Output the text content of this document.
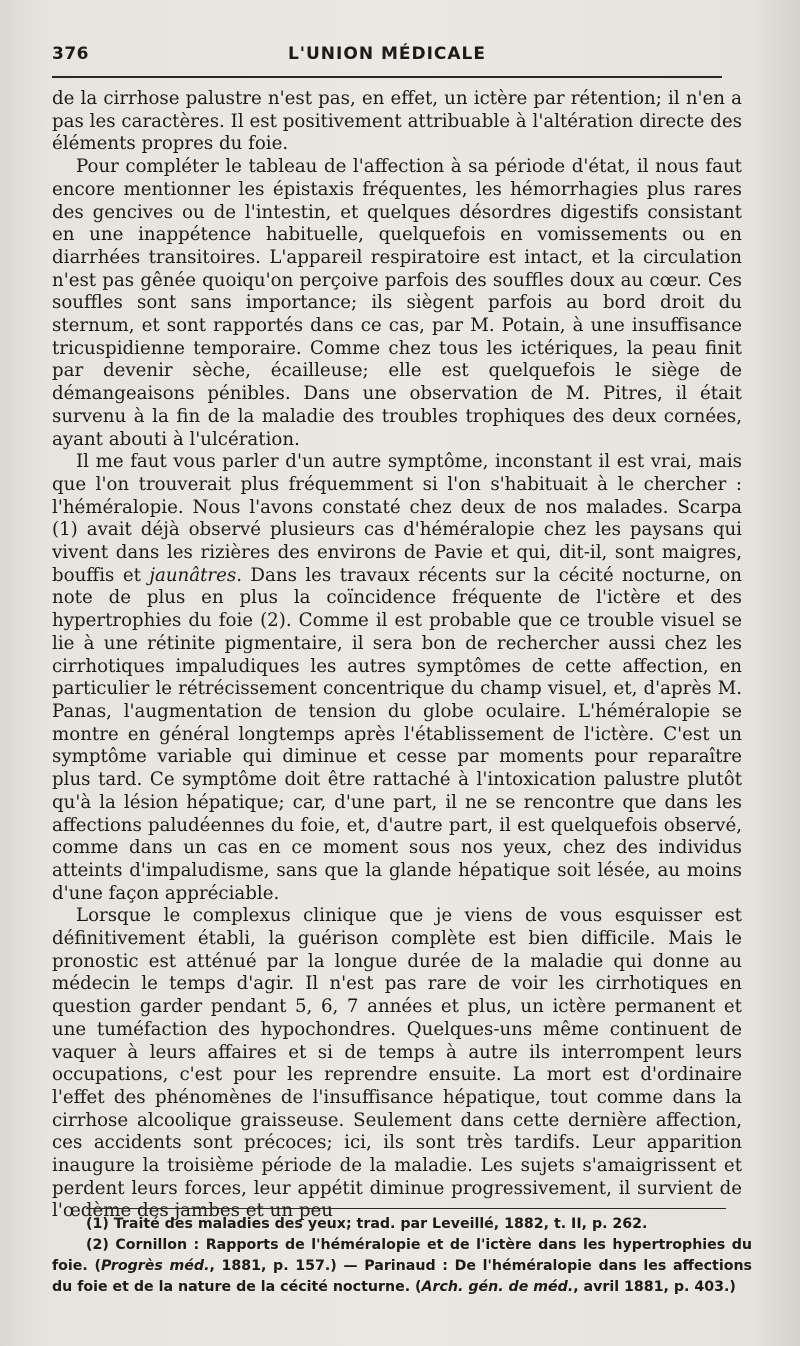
376	L'UNION MÉDICALE

de la cirrhose palustre n'est pas, en effet, un ictère par rétention; il n'en a pas les caractères. Il est positivement attribuable à l'altération directe des éléments propres du foie.

Pour compléter le tableau de l'affection à sa période d'état, il nous faut encore mentionner les épistaxis fréquentes, les hémorrhagies plus rares des gencives ou de l'intestin, et quelques désordres digestifs consistant en une inappétence habituelle, quelquefois en vomissements ou en diarrhées transitoires. L'appareil respiratoire est intact, et la circulation n'est pas gênée quoiqu'on perçoive parfois des souffles doux au cœur. Ces souffles sont sans importance; ils siègent parfois au bord droit du sternum, et sont rapportés dans ce cas, par M. Potain, à une insuffisance tricuspidienne temporaire. Comme chez tous les ictériques, la peau finit par devenir sèche, écailleuse; elle est quelquefois le siège de démangeaisons pénibles. Dans une observation de M. Pitres, il était survenu à la fin de la maladie des troubles trophiques des deux cornées, ayant abouti à l'ulcération.

Il me faut vous parler d'un autre symptôme, inconstant il est vrai, mais que l'on trouverait plus fréquemment si l'on s'habituait à le chercher : l'héméralopie. Nous l'avons constaté chez deux de nos malades. Scarpa (1) avait déjà observé plusieurs cas d'héméralopie chez les paysans qui vivent dans les rizières des environs de Pavie et qui, dit-il, sont maigres, bouffis et jaunâtres. Dans les travaux récents sur la cécité nocturne, on note de plus en plus la coïncidence fréquente de l'ictère et des hypertrophies du foie (2). Comme il est probable que ce trouble visuel se lie à une rétinite pigmentaire, il sera bon de rechercher aussi chez les cirrhotiques impaludiques les autres symptômes de cette affection, en particulier le rétrécissement concentrique du champ visuel, et, d'après M. Panas, l'augmentation de tension du globe oculaire. L'héméralopie se montre en général longtemps après l'établissement de l'ictère. C'est un symptôme variable qui diminue et cesse par moments pour reparaître plus tard. Ce symptôme doit être rattaché à l'intoxication palustre plutôt qu'à la lésion hépatique; car, d'une part, il ne se rencontre que dans les affections paludéennes du foie, et, d'autre part, il est quelquefois observé, comme dans un cas en ce moment sous nos yeux, chez des individus atteints d'impaludisme, sans que la glande hépatique soit lésée, au moins d'une façon appréciable.

Lorsque le complexus clinique que je viens de vous esquisser est définitivement établi, la guérison complète est bien difficile. Mais le pronostic est atténué par la longue durée de la maladie qui donne au médecin le temps d'agir. Il n'est pas rare de voir les cirrhotiques en question garder pendant 5, 6, 7 années et plus, un ictère permanent et une tuméfaction des hypochondres. Quelques-uns même continuent de vaquer à leurs affaires et si de temps à autre ils interrompent leurs occupations, c'est pour les reprendre ensuite. La mort est d'ordinaire l'effet des phénomènes de l'insuffisance hépatique, tout comme dans la cirrhose alcoolique graisseuse. Seulement dans cette dernière affection, ces accidents sont précoces; ici, ils sont très tardifs. Leur apparition inaugure la troisième période de la maladie. Les sujets s'amaigrissent et perdent leurs forces, leur appétit diminue progressivement, il survient de l'œdème des jambes et un peu

(1) Traité des maladies des yeux; trad. par Leveillé, 1882, t. II, p. 262.

(2) Cornillon : Rapports de l'héméralopie et de l'ictère dans les hypertrophies du foie. (Progrès méd., 1881, p. 157.) — Parinaud : De l'héméralopie dans les affections du foie et de la nature de la cécité nocturne. (Arch. gén. de méd., avril 1881, p. 403.)
